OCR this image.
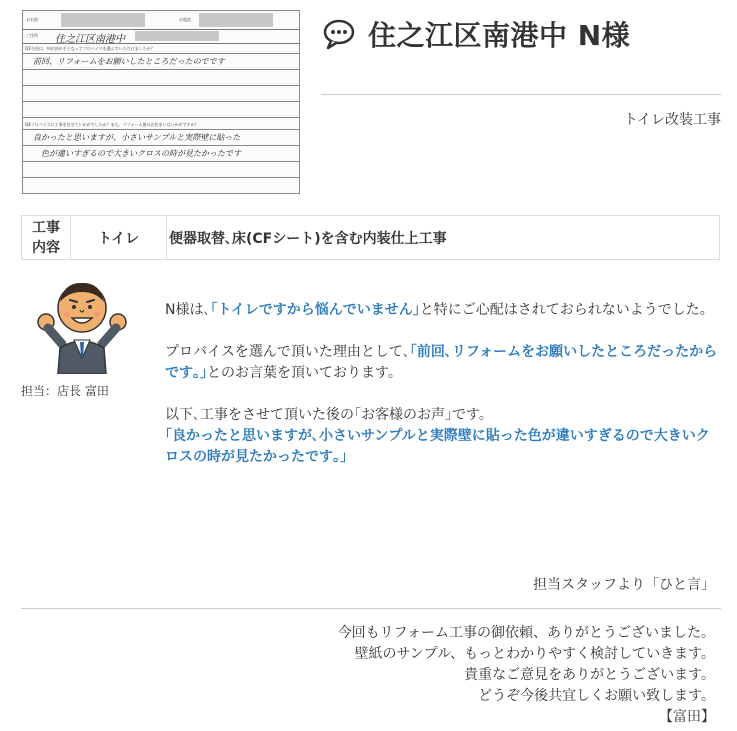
お名前	お電話
ご住所 住之江区南港中
Q3今回は、何が決め手となってプロバイスを選んでいただけましたか？
前回、リフォームをお願いしたところだったのでです
Q4プロバイスに工事を任せていかがでしたか？また、リフォーム後のお住まいはいかがですか？
良かったと思いますが、小さいサンプルと実際壁に貼った
色が違いすぎるので大きいクロスの時が見たかったです
住之江区南港中 N様
トイレ改装工事
工事内容
トイレ	便器取替､床(CFシート)を含む内装仕上工事
担当：店長 富田

N様は､｢トイレですから悩んでいません｣と特にご心配はされておられないようでした。

プロバイスを選んで頂いた理由として､｢前回､リフォームをお願いしたところだったからです｡｣とのお言葉を頂いております。

以下､工事をさせて頂いた後の｢お客様のお声｣です。
｢良かったと思いますが､小さいサンプルと実際壁に貼った色が違いすぎるので大きいクロスの時が見たかったです｡｣

担当スタッフより「ひと言」
今回もリフォーム工事の御依頼、ありがとうございました。
壁紙のサンプル、もっとわかりやすく検討していきます。
貴重なご意見をありがとうございます。
どうぞ今後共宜しくお願い致します。
【富田】
